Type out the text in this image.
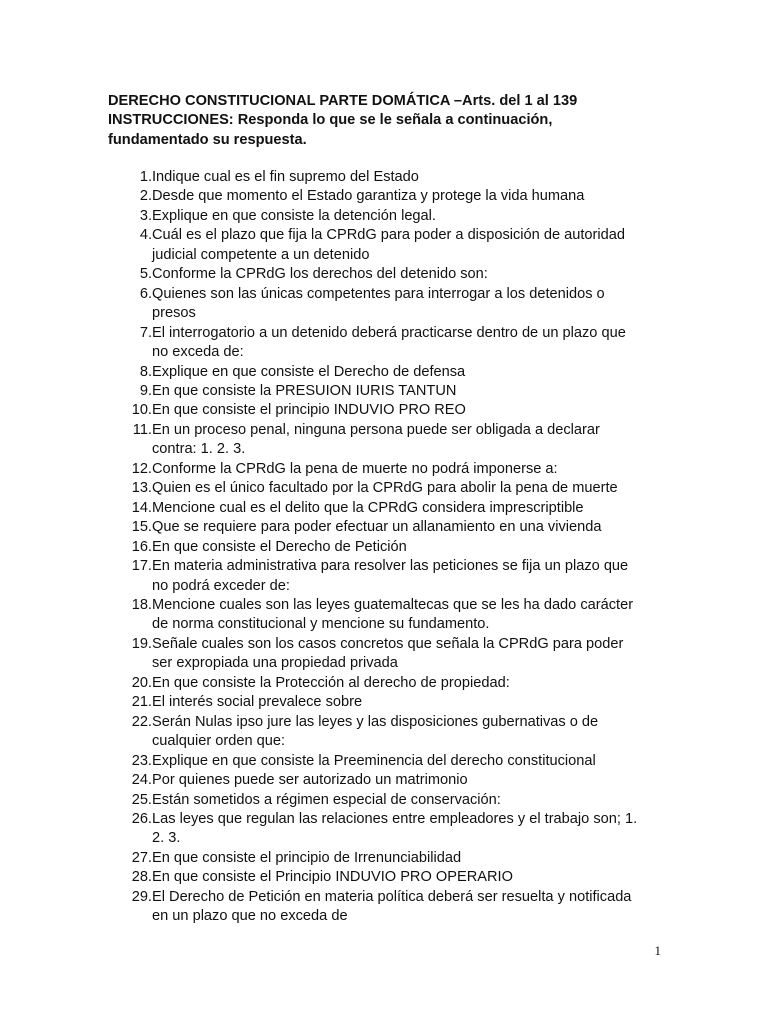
DERECHO CONSTITUCIONAL PARTE DOMÁTICA –Arts. del 1 al 139
INSTRUCCIONES: Responda lo que se le señala a continuación,
fundamentado su respuesta.
1. Indique cual es el fin supremo del Estado
2. Desde que momento el Estado garantiza y protege la vida humana
3. Explique en que consiste la detención legal.
4. Cuál es el plazo que fija la CPRdG para poder a disposición de autoridad
judicial competente a un detenido
5. Conforme la CPRdG los derechos del detenido son:
6. Quienes son las únicas competentes para interrogar a los detenidos o
presos
7. El interrogatorio a un detenido deberá practicarse dentro de un plazo que
no exceda de:
8. Explique en que consiste el Derecho de defensa
9. En que consiste la PRESUION IURIS TANTUN
10. En que consiste el principio INDUVIO PRO REO
11. En un proceso penal, ninguna persona puede ser obligada a declarar
contra: 1. 2. 3.
12. Conforme la CPRdG la pena de muerte no podrá imponerse a:
13. Quien es el único facultado por la CPRdG para abolir la pena de muerte
14. Mencione cual es el delito que la CPRdG considera imprescriptible
15. Que se requiere para poder efectuar un allanamiento en una vivienda
16. En que consiste el Derecho de Petición
17. En materia administrativa para resolver las peticiones se fija un plazo que
no podrá exceder de:
18. Mencione cuales son las leyes guatemaltecas que se les ha dado carácter
de norma constitucional y mencione su fundamento.
19. Señale cuales son los casos concretos que señala la CPRdG para poder
ser expropiada una propiedad privada
20. En que consiste la Protección al derecho de propiedad:
21. El interés social prevalece sobre
22. Serán Nulas ipso jure las leyes y las disposiciones gubernativas o de
cualquier orden que:
23. Explique en que consiste la Preeminencia del derecho constitucional
24. Por quienes puede ser autorizado un matrimonio
25. Están sometidos a régimen especial de conservación:
26. Las leyes que regulan las relaciones entre empleadores y el trabajo son; 1.
2. 3.
27. En que consiste el principio de Irrenunciabilidad
28. En que consiste el Principio INDUVIO PRO OPERARIO
29. El Derecho de Petición en materia política deberá ser resuelta y notificada
en un plazo que no exceda de
1
